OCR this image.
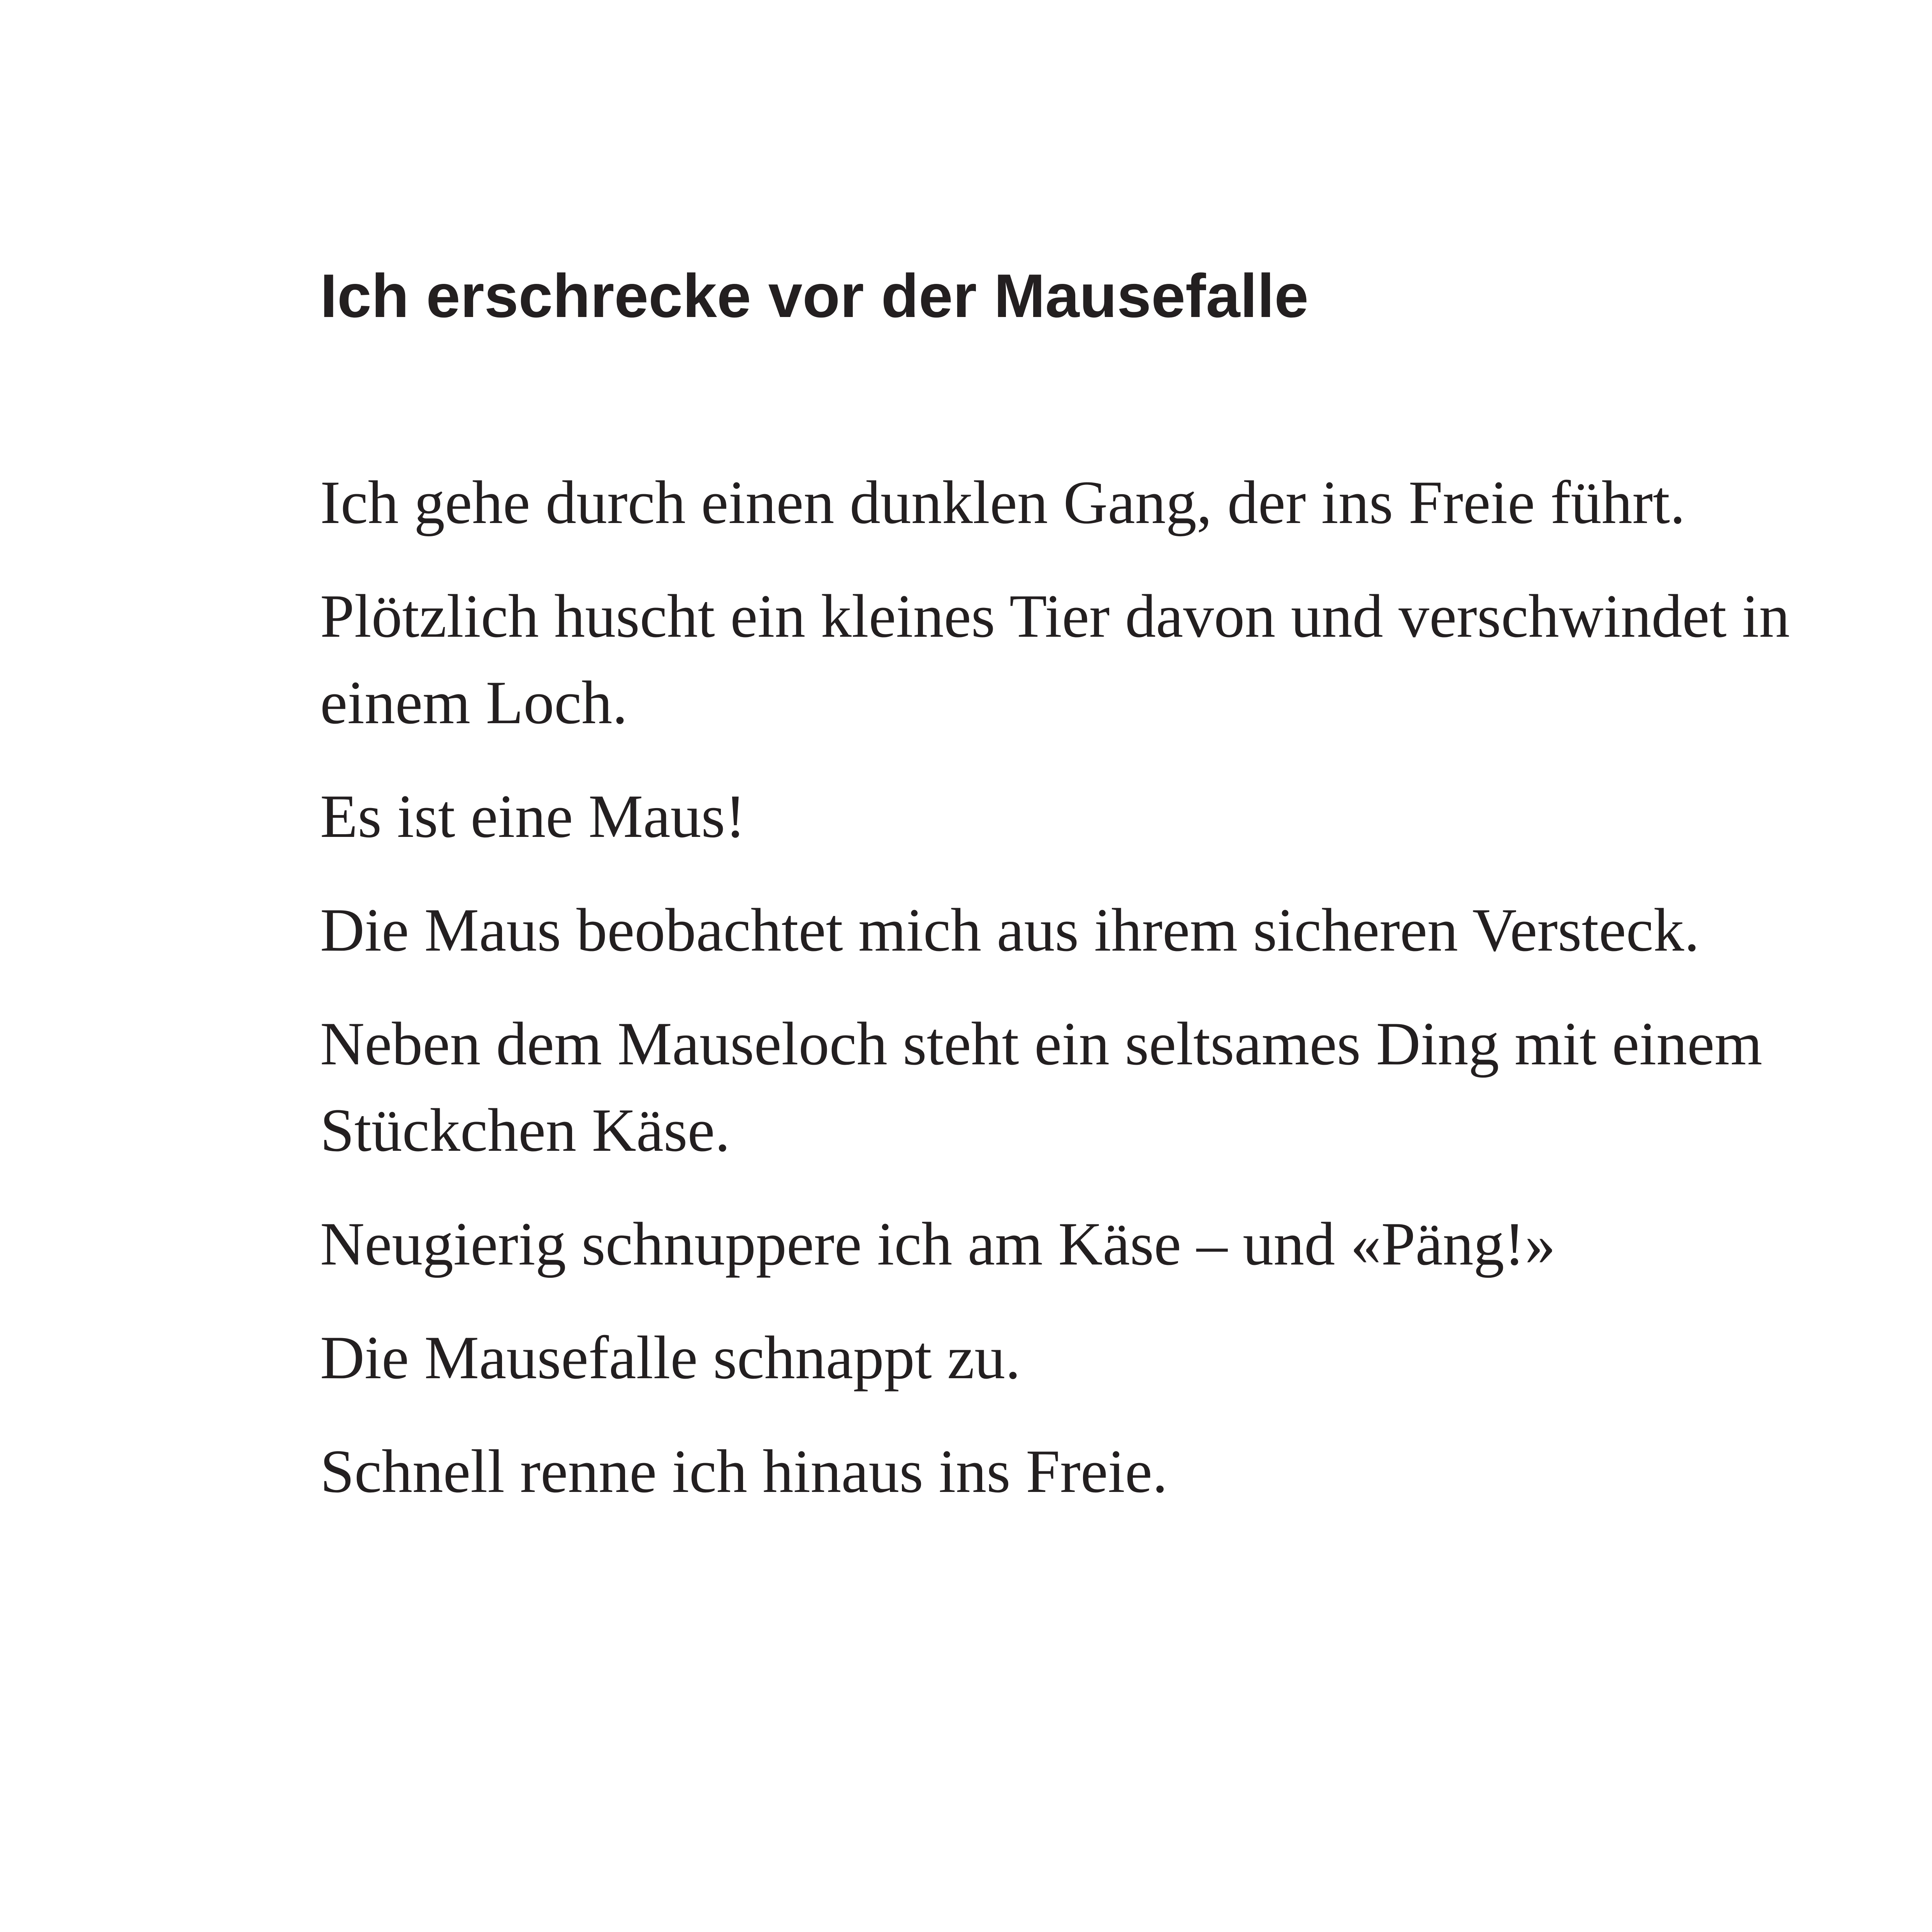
Ich erschrecke vor der Mausefalle

Ich gehe durch einen dunklen Gang, der ins Freie führt.

Plötzlich huscht ein kleines Tier davon und verschwindet in einem Loch.

Es ist eine Maus!

Die Maus beobachtet mich aus ihrem sicheren Versteck.

Neben dem Mauseloch steht ein seltsames Ding mit einem Stückchen Käse.

Neugierig schnuppere ich am Käse – und «Päng!»

Die Mausefalle schnappt zu.

Schnell renne ich hinaus ins Freie.
